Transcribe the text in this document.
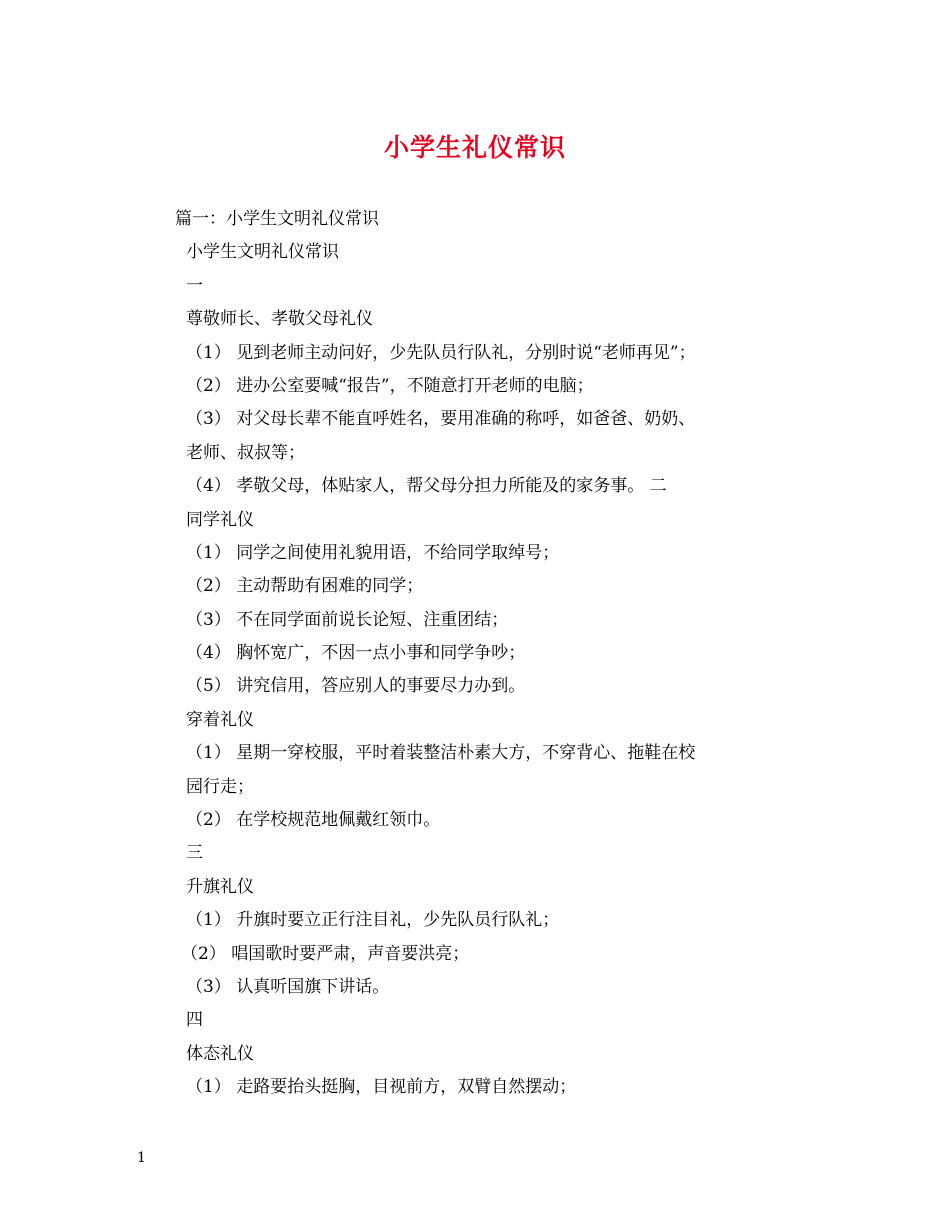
小学生礼仪常识
篇一：小学生文明礼仪常识
小学生文明礼仪常识
一
尊敬师长、孝敬父母礼仪
（1） 见到老师主动问好，少先队员行队礼，分别时说“老师再见”；
（2） 进办公室要喊“报告”，不随意打开老师的电脑；
（3） 对父母长辈不能直呼姓名，要用准确的称呼，如爸爸、奶奶、
老师、叔叔等；
（4） 孝敬父母，体贴家人，帮父母分担力所能及的家务事。 二
同学礼仪
（1） 同学之间使用礼貌用语，不给同学取绰号；
（2） 主动帮助有困难的同学；
（3） 不在同学面前说长论短、注重团结；
（4） 胸怀宽广，不因一点小事和同学争吵；
（5） 讲究信用，答应别人的事要尽力办到。
穿着礼仪
（1） 星期一穿校服，平时着装整洁朴素大方，不穿背心、拖鞋在校
园行走；
（2） 在学校规范地佩戴红领巾。
三
升旗礼仪
（1） 升旗时要立正行注目礼，少先队员行队礼；
（2） 唱国歌时要严肃，声音要洪亮；
（3） 认真听国旗下讲话。
四
体态礼仪
（1） 走路要抬头挺胸，目视前方，双臂自然摆动；
1
